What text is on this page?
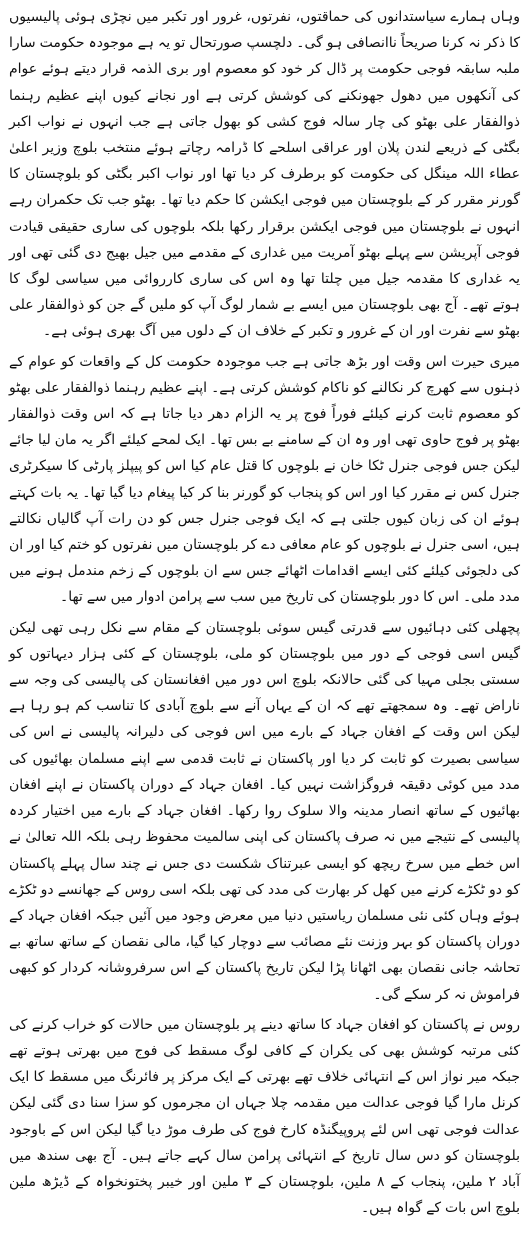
وہاں ہمارے سیاستدانوں کی حماقتوں، نفرتوں، غرور اور تکبر میں نچڑی ہوئی پالیسیوں کا ذکر نہ کرنا صریحاً ناانصافی ہو گی۔ دلچسپ صورتحال تو یہ ہے موجودہ حکومت سارا ملبہ سابقہ فوجی حکومت پر ڈال کر خود کو معصوم اور بری الذمہ قرار دیتے ہوئے عوام کی آنکھوں میں دھول جھونکنے کی کوشش کرتی ہے اور نجانے کیوں اپنے عظیم رہنما ذوالفقار علی بھٹو کی چار سالہ فوج کشی کو بھول جاتی ہے جب انہوں نے نواب اکبر بگٹی کے ذریعے لندن پلان اور عراقی اسلحے کا ڈرامہ رچاتے ہوئے منتخب بلوچ وزیر اعلیٰ عطاء اللہ مینگل کی حکومت کو برطرف کر دیا تھا اور نواب اکبر بگٹی کو بلوچستان کا گورنر مقرر کر کے بلوچستان میں فوجی ایکشن کا حکم دیا تھا۔ بھٹو جب تک حکمران رہے انہوں نے بلوچستان میں فوجی ایکشن برقرار رکھا بلکہ بلوچوں کی ساری حقیقی قیادت فوجی آپریشن سے پہلے بھٹو آمریت میں غداری کے مقدمے میں جیل بھیج دی گئی تھی اور یہ غداری کا مقدمہ جیل میں چلتا تھا وہ اس کی ساری کارروائی میں سیاسی لوگ کا ہوتے تھے۔ آج بھی بلوچستان میں ایسے بے شمار لوگ آپ کو ملیں گے جن کو ذوالفقار علی بھٹو سے نفرت اور ان کے غرور و تکبر کے خلاف ان کے دلوں میں آگ بھری ہوئی ہے۔

میری حیرت اس وقت اور بڑھ جاتی ہے جب موجودہ حکومت کل کے واقعات کو عوام کے ذہنوں سے کھرچ کر نکالنے کو ناکام کوشش کرتی ہے۔ اپنے عظیم رہنما ذوالفقار علی بھٹو کو معصوم ثابت کرنے کیلئے فوراً فوج پر یہ الزام دھر دیا جاتا ہے کہ اس وقت ذوالفقار بھٹو پر فوج حاوی تھی اور وہ ان کے سامنے بے بس تھا۔ ایک لمحے کیلئے اگر یہ مان لیا جائے لیکن جس فوجی جنرل ٹکا خان نے بلوچوں کا قتل عام کیا اس کو پیپلز پارٹی کا سیکرٹری جنرل کس نے مقرر کیا اور اس کو پنجاب کو گورنر بنا کر کیا پیغام دیا گیا تھا۔ یہ بات کہتے ہوئے ان کی زبان کیوں جلتی ہے کہ ایک فوجی جنرل جس کو دن رات آپ گالیاں نکالتے ہیں، اسی جنرل نے بلوچوں کو عام معافی دے کر بلوچستان میں نفرتوں کو ختم کیا اور ان کی دلجوئی کیلئے کئی ایسے اقدامات اٹھائے جس سے ان بلوچوں کے زخم مندمل ہونے میں مدد ملی۔ اس کا دور بلوچستان کی تاریخ میں سب سے پرامن ادوار میں سے تھا۔

پچھلی کئی دہائیوں سے قدرتی گیس سوئی بلوچستان کے مقام سے نکل رہی تھی لیکن گیس اسی فوجی کے دور میں بلوچستان کو ملی، بلوچستان کے کئی ہزار دیہاتوں کو سستی بجلی مہیا کی گئی حالانکہ بلوچ اس دور میں افغانستان کی پالیسی کی وجہ سے ناراض تھے۔ وہ سمجھتے تھے کہ ان کے یہاں آنے سے بلوچ آبادی کا تناسب کم ہو رہا ہے لیکن اس وقت کے افغان جہاد کے بارے میں اس فوجی کی دلیرانہ پالیسی نے اس کی سیاسی بصیرت کو ثابت کر دیا اور پاکستان نے ثابت قدمی سے اپنے مسلمان بھائیوں کی مدد میں کوئی دقیقہ فروگزاشت نہیں کیا۔ افغان جہاد کے دوران پاکستان نے اپنے افغان بھائیوں کے ساتھ انصار مدینہ والا سلوک روا رکھا۔ افغان جہاد کے بارے میں اختیار کردہ پالیسی کے نتیجے میں نہ صرف پاکستان کی اپنی سالمیت محفوظ رہی بلکہ اللہ تعالیٰ نے اس خطے میں سرخ ریچھ کو ایسی عبرتناک شکست دی جس نے چند سال پہلے پاکستان کو دو ٹکڑے کرنے میں کھل کر بھارت کی مدد کی تھی بلکہ اسی روس کے جھانسے دو ٹکڑے ہوئے وہاں کئی نئی مسلمان ریاستیں دنیا میں معرض وجود میں آئیں جبکہ افغان جہاد کے دوران پاکستان کو بہر وزنت نئے مصائب سے دوچار کیا گیا، مالی نقصان کے ساتھ ساتھ بے تحاشہ جانی نقصان بھی اٹھانا پڑا لیکن تاریخ پاکستان کے اس سرفروشانہ کردار کو کبھی فراموش نہ کر سکے گی۔

روس نے پاکستان کو افغان جہاد کا ساتھ دینے پر بلوچستان میں حالات کو خراب کرنے کی کئی مرتبہ کوشش بھی کی یکران کے کافی لوگ مسقط کی فوج میں بھرتی ہوتے تھے جبکہ میر نواز اس کے انتہائی خلاف تھے بھرتی کے ایک مرکز پر فائرنگ میں مسقط کا ایک کرنل مارا گیا فوجی عدالت میں مقدمہ چلا جہاں ان مجرموں کو سزا سنا دی گئی لیکن عدالت فوجی تھی اس لئے پروپیگنڈہ کارخ فوج کی طرف موڑ دیا گیا لیکن اس کے باوجود بلوچستان کو دس سال تاریخ کے انتہائی پرامن سال کہے جاتے ہیں۔ آج بھی سندھ میں آباد ۲ ملین، پنجاب کے ۸ ملین، بلوچستان کے ۳ ملین اور خیبر پختونخواہ کے ڈیڑھ ملین بلوچ اس بات کے گواہ ہیں۔
